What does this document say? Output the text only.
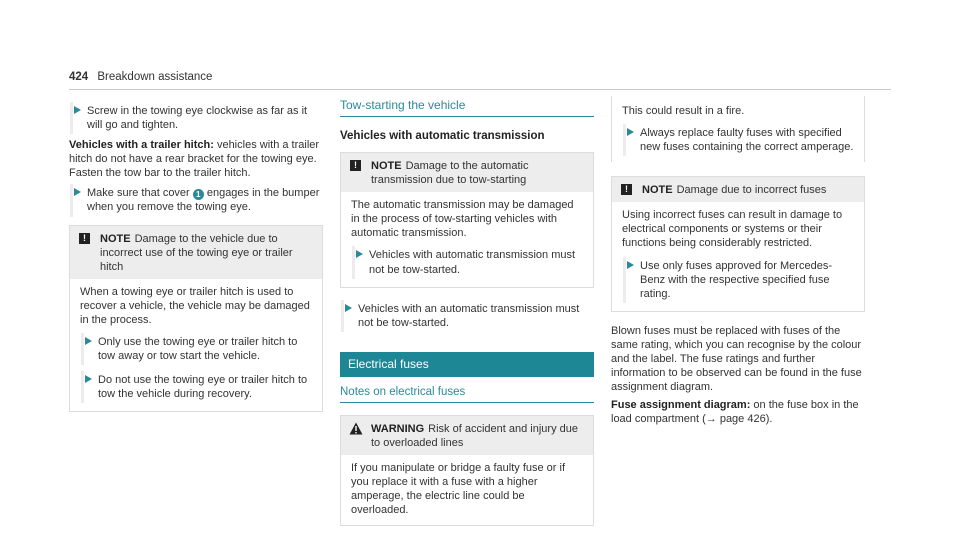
424 Breakdown assistance
Screw in the towing eye clockwise as far as it will go and tighten.

Vehicles with a trailer hitch: vehicles with a trailer hitch do not have a rear bracket for the towing eye. Fasten the tow bar to the trailer hitch.

Make sure that cover 1 engages in the bumper when you remove the towing eye.
!	NOTE Damage to the vehicle due to incorrect use of the towing eye or trailer hitch
When a towing eye or trailer hitch is used to recover a vehicle, the vehicle may be damaged in the process.
Only use the towing eye or trailer hitch to tow away or tow start the vehicle.
Do not use the towing eye or trailer hitch to tow the vehicle during recovery.
Tow-starting the vehicle
Vehicles with automatic transmission
!	NOTE Damage to the automatic transmission due to tow-starting
The automatic transmission may be damaged in the process of tow-starting vehicles with automatic transmission.
Vehicles with automatic transmission must not be tow-started.
Vehicles with an automatic transmission must not be tow-started.
Electrical fuses
Notes on electrical fuses
WARNING Risk of accident and injury due to overloaded lines
If you manipulate or bridge a faulty fuse or if you replace it with a fuse with a higher amperage, the electric line could be overloaded.
This could result in a fire.
Always replace faulty fuses with specified new fuses containing the correct amperage.
!	NOTE Damage due to incorrect fuses
Using incorrect fuses can result in damage to electrical components or systems or their functions being considerably restricted.
Use only fuses approved for Mercedes-Benz with the respective specified fuse rating.

Blown fuses must be replaced with fuses of the same rating, which you can recognise by the colour and the label. The fuse ratings and further information to be observed can be found in the fuse assignment diagram.

Fuse assignment diagram: on the fuse box in the load compartment (→ page 426).
